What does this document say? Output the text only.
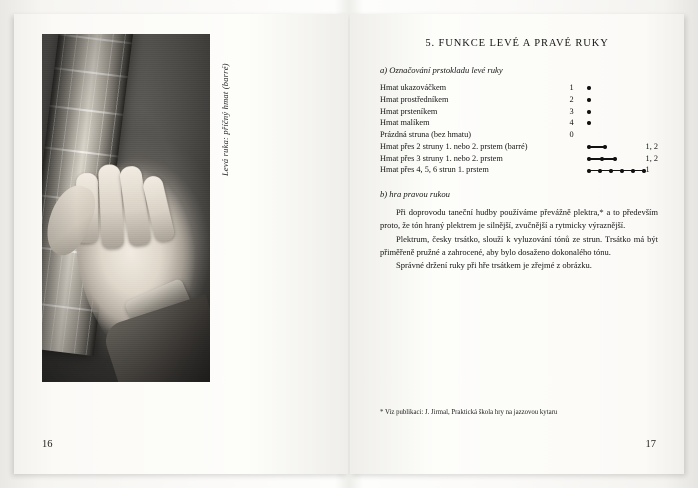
Levá ruka: příčný hmat (barré)
16
5. FUNKCE LEVÉ A PRAVÉ RUKY
a) Označování prstokladu levé ruky
Hmat ukazováčkem	1		
Hmat prostředníkem	2		
Hmat prsteníkem	3		
Hmat malíkem	4		
Prázdná struna (bez hmatu)	0		
Hmat přes 2 struny 1. nebo 2. prstem (barré)			1, 2
Hmat přes 3 struny 1. nebo 2. prstem			1, 2
Hmat přes 4, 5, 6 strun 1. prstem			1
b) hra pravou rukou

Při doprovodu taneční hudby používáme převážně plektra,* a to především proto, že tón hraný plektrem je silnější, zvučnější a rytmicky výraznější.

Plektrum, česky trsátko, slouží k vyluzování tónů ze strun. Trsátko má být přiměřeně pružné a zahrocené, aby bylo dosaženo dokonalého tónu.

Správné držení ruky při hře trsátkem je zřejmé z obrázku.

* Viz publikaci: J. Jirmal, Praktická škola hry na jazzovou kytaru
17
